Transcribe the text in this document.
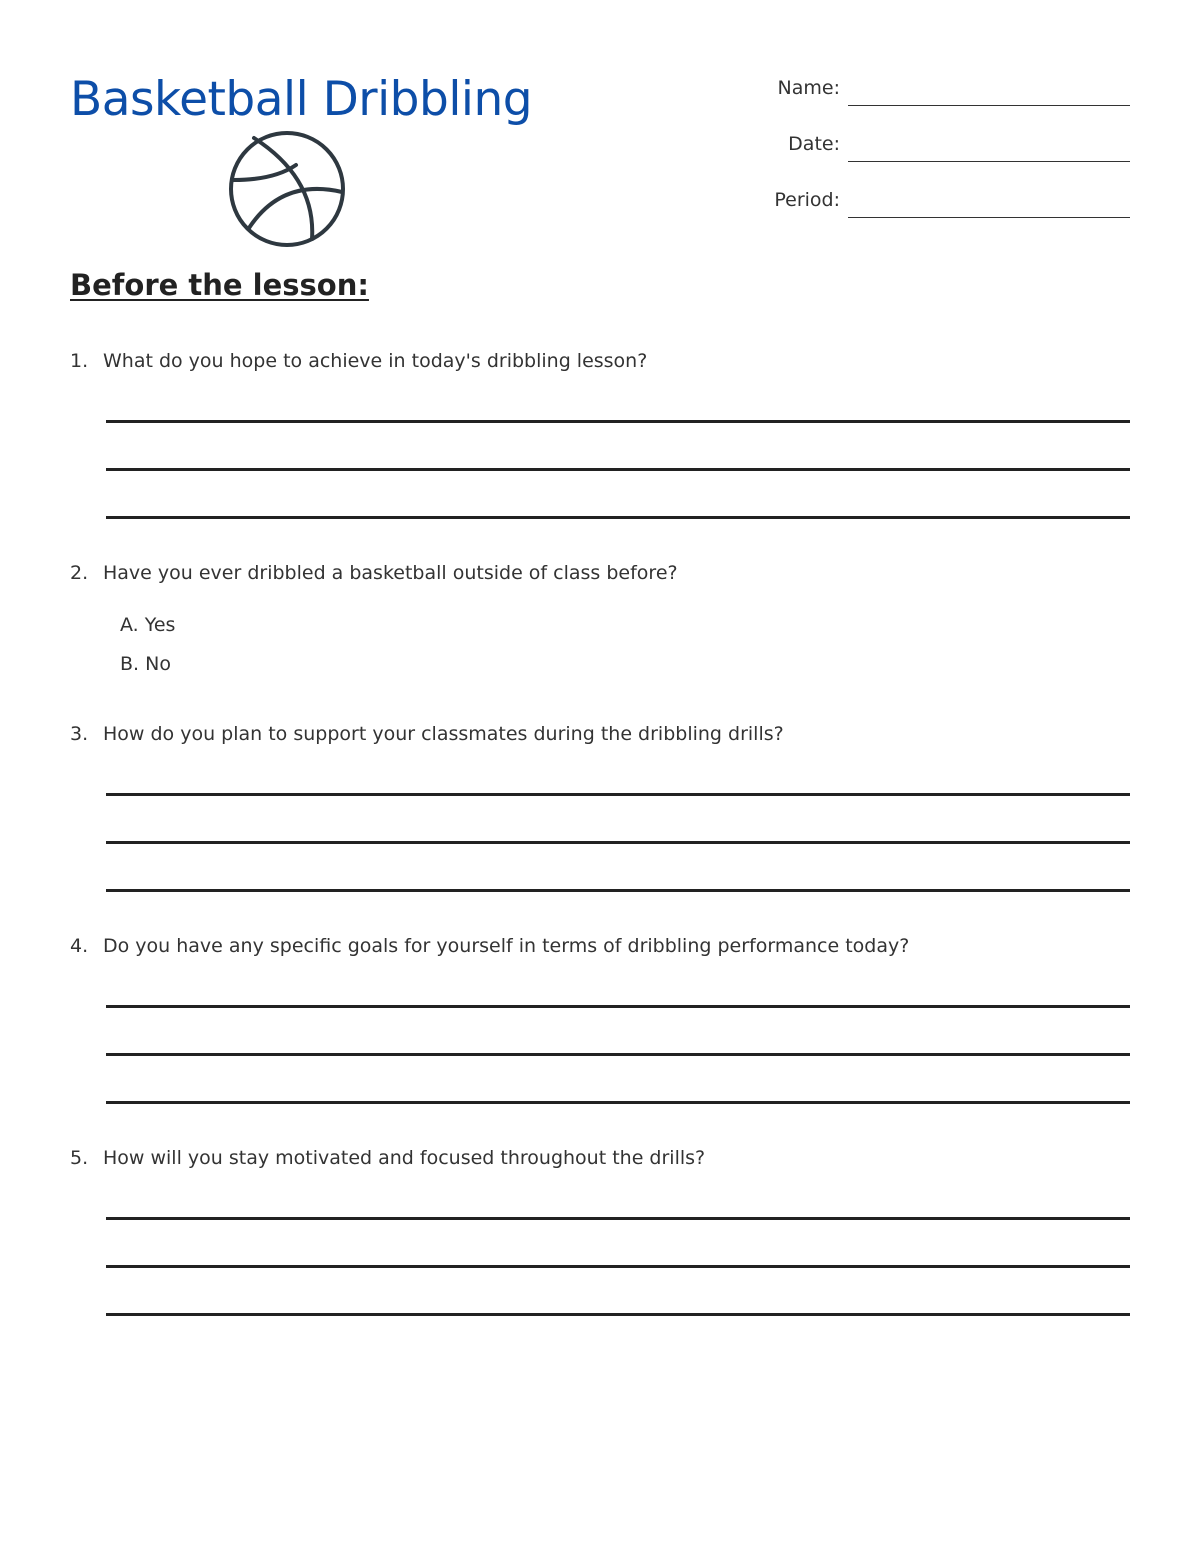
Basketball Dribbling	Name:
Date:
Period:
Before the lesson:
1. What do you hope to achieve in today's dribbling lesson?
2. Have you ever dribbled a basketball outside of class before?
A. Yes
B. No
3. How do you plan to support your classmates during the dribbling drills?
4. Do you have any specific goals for yourself in terms of dribbling performance today?
5. How will you stay motivated and focused throughout the drills?
